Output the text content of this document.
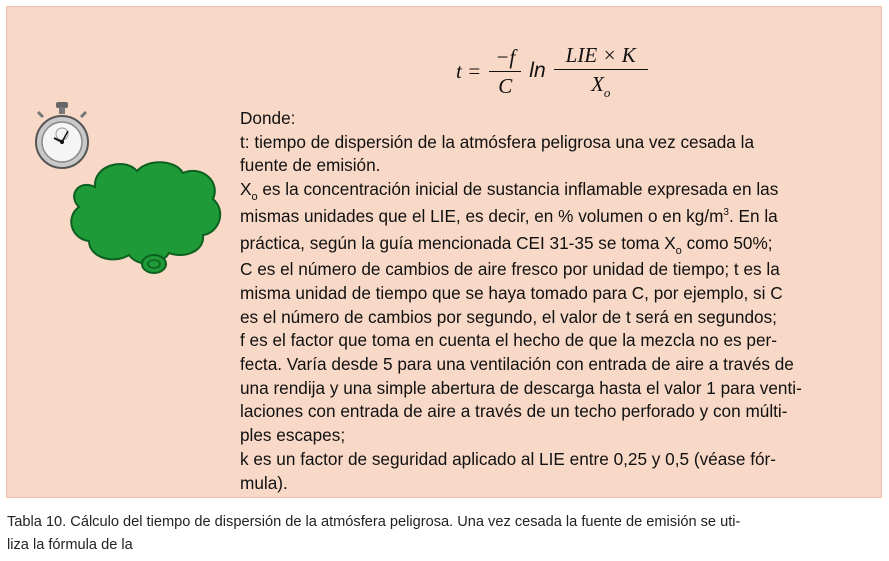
$t = \frac{-f}{C}$ $\ln \frac{\text{LIE × K}}{X_o}$

Donde:

t: tiempo de dispersión de la atmósfera peligrosa una vez cesada la

fuente de emisión.

$X_o$ es la concentración inicial de sustancia inflamable expresada en las

mismas unidades que el LIE, es decir, en % volumen o en $kg/m^3$. En la

práctica, según la guía mencionada CEI 31-35 se toma $X_o$ como 50%;

C es el número de cambios de aire fresco por unidad de tiempo; t es la

misma unidad de tiempo que se haya tomado para C, por ejemplo, si C

es el número de cambios por segundo, el valor de t será en segundos;

f es el factor que toma en cuenta el hecho de que la mezcla no es per-

fecta. Varía desde 5 para una ventilación con entrada de aire a través de

una rendija y una simple abertura de descarga hasta el valor 1 para venti-

laciones con entrada de aire a través de un techo perforado y con múlti-

ples escapes;

k es un factor de seguridad aplicado al LIE entre 0,25 y 0,5 (véase fór-

mula).

Tabla 10. Cálculo del tiempo de dispersión de la atmósfera peligrosa. Una vez cesada la fuente de emisión se uti-
liza la fórmula de la
